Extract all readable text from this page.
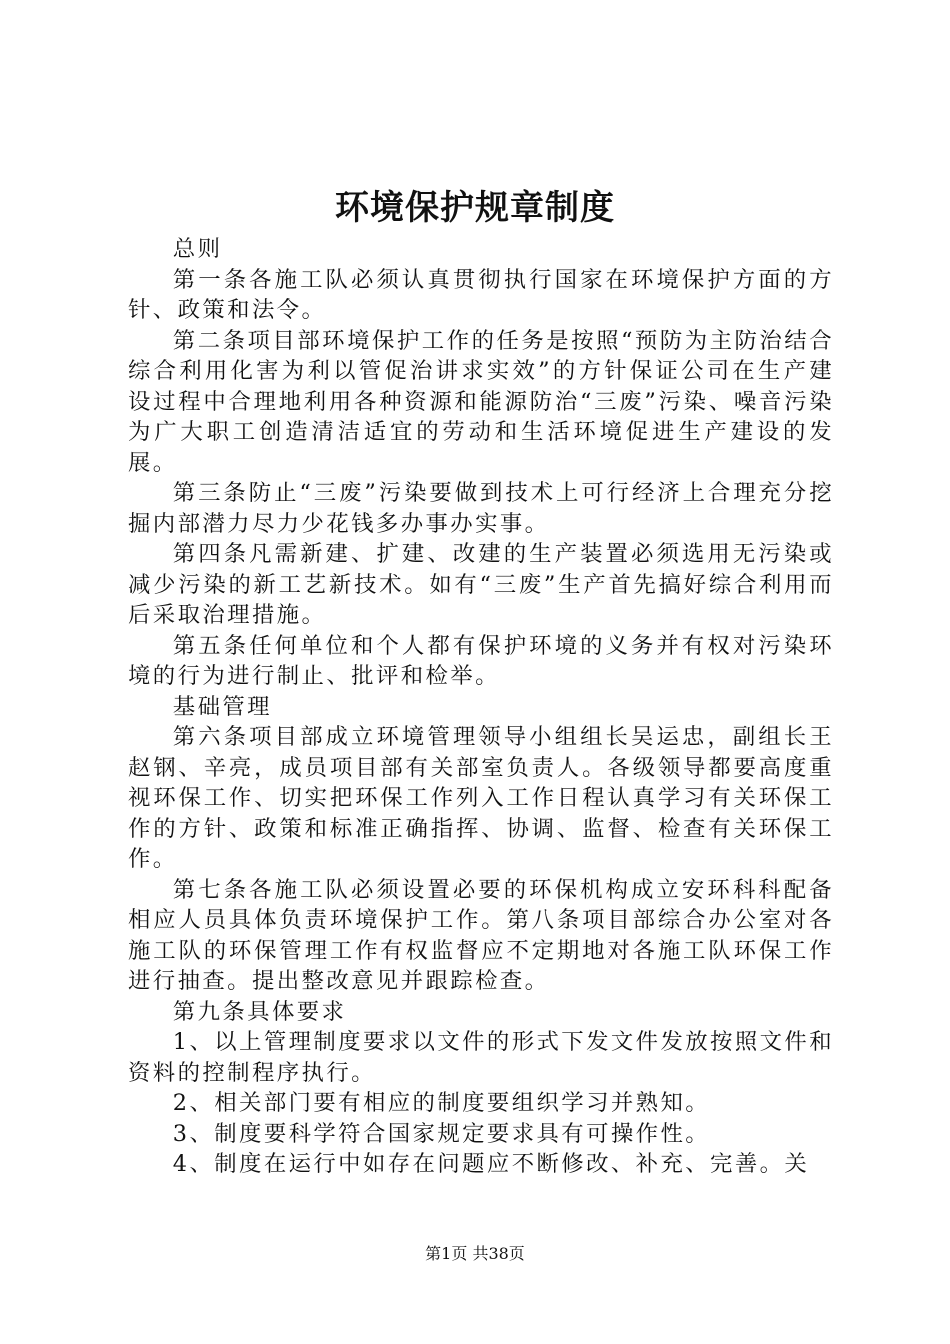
环境保护规章制度

总则

第一条各施工队必须认真贯彻执行国家在环境保护方面的方针、政策和法令。

第二条项目部环境保护工作的任务是按照“预防为主防治结合综合利用化害为利以管促治讲求实效”的方针保证公司在生产建设过程中合理地利用各种资源和能源防治“三废”污染、噪音污染为广大职工创造清洁适宜的劳动和生活环境促进生产建设的发展。

第三条防止“三废”污染要做到技术上可行经济上合理充分挖掘内部潜力尽力少花钱多办事办实事。

第四条凡需新建、扩建、改建的生产装置必须选用无污染或减少污染的新工艺新技术。如有“三废”生产首先搞好综合利用而后采取治理措施。

第五条任何单位和个人都有保护环境的义务并有权对污染环境的行为进行制止、批评和检举。

基础管理

第六条项目部成立环境管理领导小组组长吴运忠，副组长王赵钢、辛亮，成员项目部有关部室负责人。各级领导都要高度重视环保工作、切实把环保工作列入工作日程认真学习有关环保工作的方针、政策和标准正确指挥、协调、监督、检查有关环保工作。

第七条各施工队必须设置必要的环保机构成立安环科科配备相应人员具体负责环境保护工作。第八条项目部综合办公室对各施工队的环保管理工作有权监督应不定期地对各施工队环保工作进行抽查。提出整改意见并跟踪检查。

第九条具体要求

1、以上管理制度要求以文件的形式下发文件发放按照文件和资料的控制程序执行。

2、相关部门要有相应的制度要组织学习并熟知。

3、制度要科学符合国家规定要求具有可操作性。

4、制度在运行中如存在问题应不断修改、补充、完善。关

第1页 共38页
